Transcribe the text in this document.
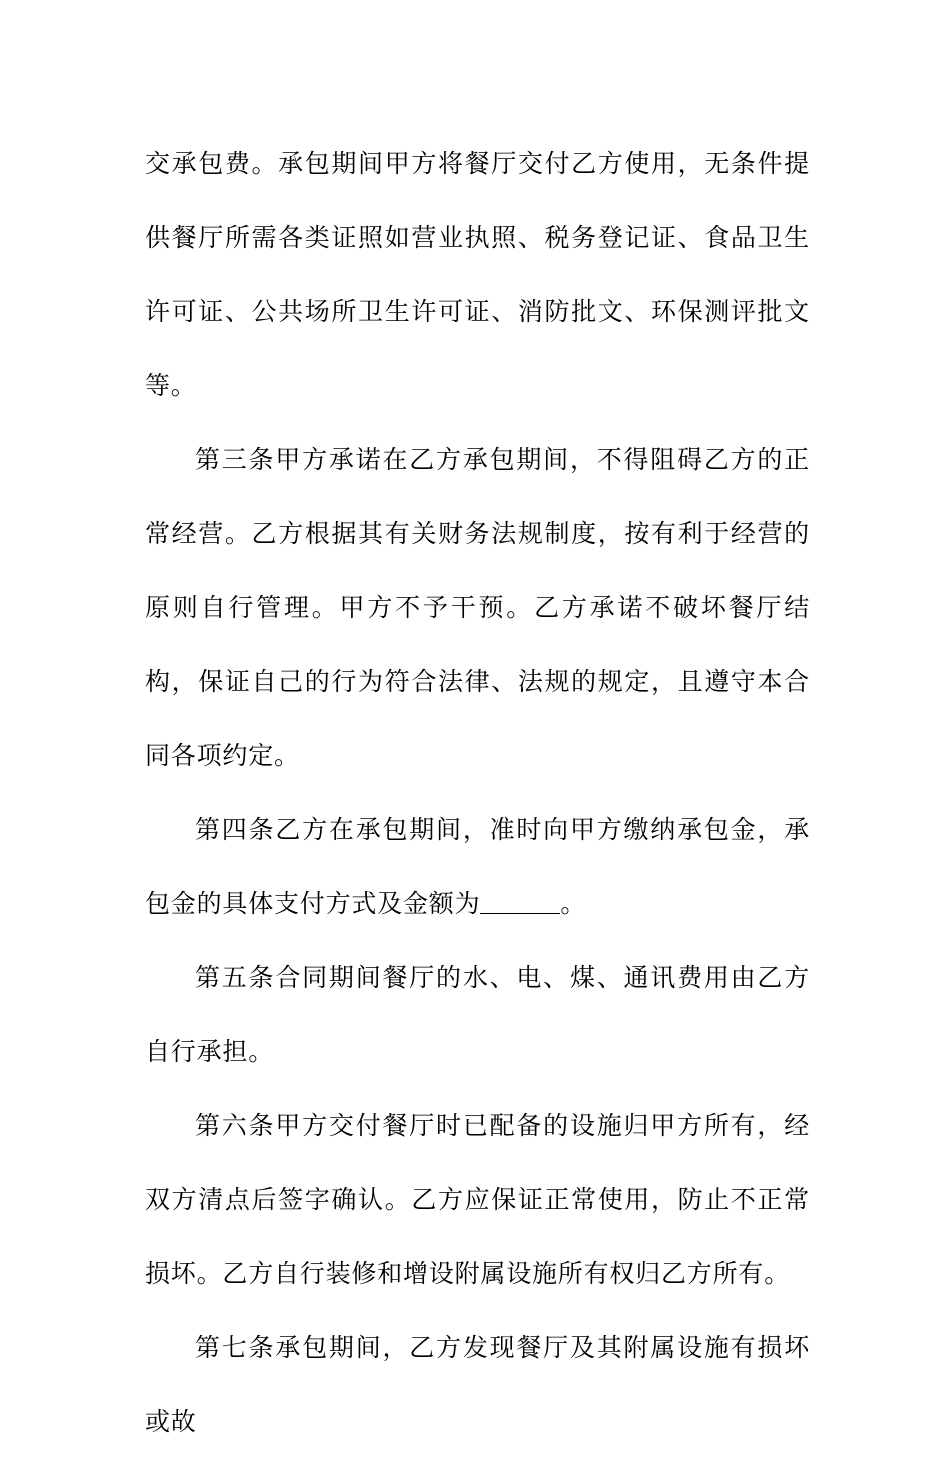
交承包费。承包期间甲方将餐厅交付乙方使用，无条件提供餐厅所需各类证照如营业执照、税务登记证、食品卫生许可证、公共场所卫生许可证、消防批文、环保测评批文等。

第三条甲方承诺在乙方承包期间，不得阻碍乙方的正常经营。乙方根据其有关财务法规制度，按有利于经营的原则自行管理。甲方不予干预。乙方承诺不破坏餐厅结构，保证自己的行为符合法律、法规的规定，且遵守本合同各项约定。

第四条乙方在承包期间，准时向甲方缴纳承包金，承包金的具体支付方式及金额为	。

第五条合同期间餐厅的水、电、煤、通讯费用由乙方自行承担。

第六条甲方交付餐厅时已配备的设施归甲方所有，经双方清点后签字确认。乙方应保证正常使用，防止不正常损坏。乙方自行装修和增设附属设施所有权归乙方所有。

第七条承包期间，乙方发现餐厅及其附属设施有损坏或故
